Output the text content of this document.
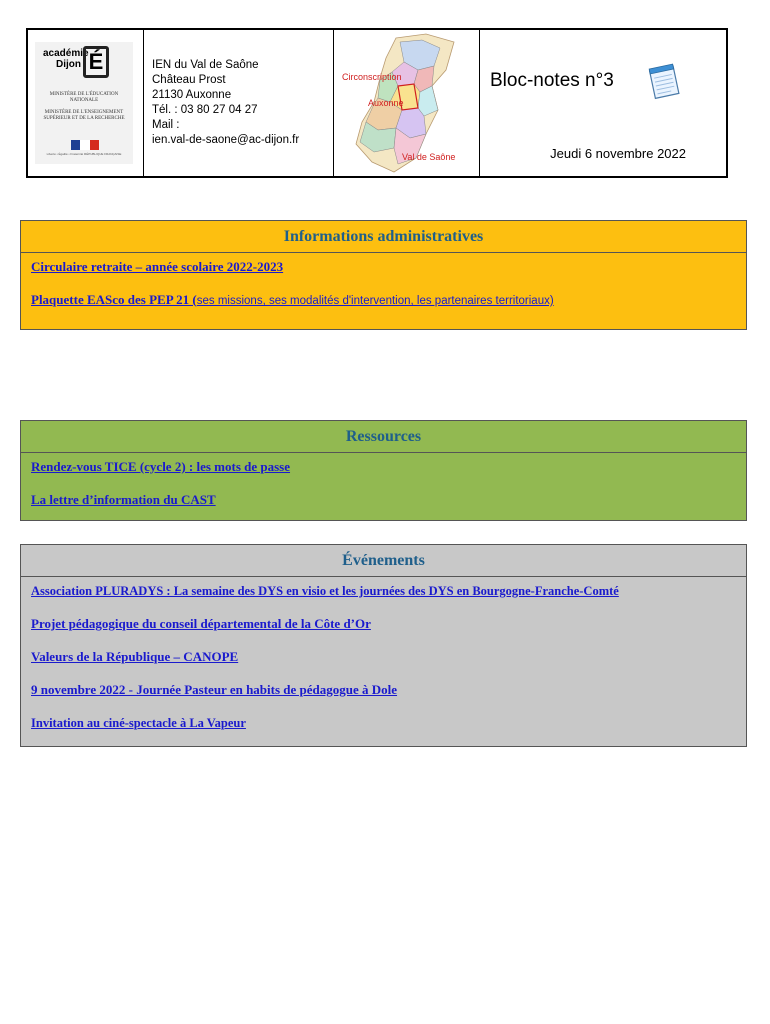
académie
Dijon É
MINISTÈRE DE L'ÉDUCATION NATIONALE
MINISTÈRE DE L'ENSEIGNEMENT SUPÉRIEUR ET DE LA RECHERCHE
Liberté • Égalité • Fraternité RÉPUBLIQUE FRANÇAISE
IEN du Val de Saône
Château Prost
21130 Auxonne
Tél. : 03 80 27 04 27
Mail :
ien.val-de-saone@ac-dijon.fr
Circonscription
Auxonne
Val de Saône
Bloc-notes n°3
Jeudi 6 novembre 2022
Informations administratives
Circulaire retraite – année scolaire 2022-2023
Plaquette EASco des PEP 21 (ses missions, ses modalités d'intervention, les partenaires territoriaux)
Ressources
Rendez-vous TICE (cycle 2) : les mots de passe
La lettre d’information du CAST
Événements
Association PLURADYS : La semaine des DYS en visio et les journées des DYS en Bourgogne-Franche-Comté
Projet pédagogique du conseil départemental de la Côte d’Or
Valeurs de la République – CANOPE
9 novembre 2022 - Journée Pasteur en habits de pédagogue à Dole
Invitation au ciné-spectacle à La Vapeur
